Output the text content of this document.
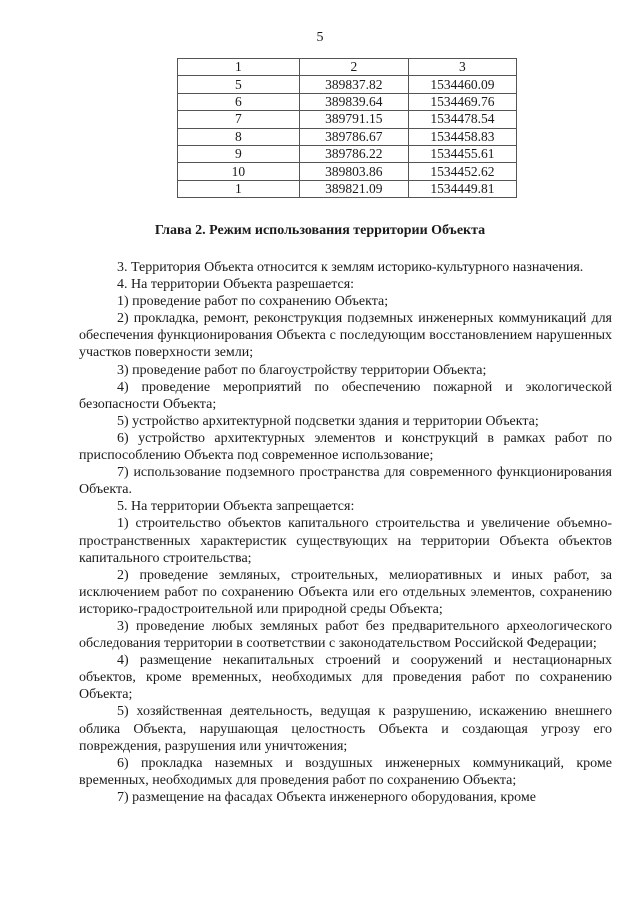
5
1	2	3
5	389837.82	1534460.09
6	389839.64	1534469.76
7	389791.15	1534478.54
8	389786.67	1534458.83
9	389786.22	1534455.61
10	389803.86	1534452.62
1	389821.09	1534449.81
Глава 2. Режим использования территории Объекта

3. Территория Объекта относится к землям историко-культурного назначения.

4. На территории Объекта разрешается:

1) проведение работ по сохранению Объекта;

2) прокладка, ремонт, реконструкция подземных инженерных коммуникаций для обеспечения функционирования Объекта с последующим восстановлением нарушенных участков поверхности земли;

3) проведение работ по благоустройству территории Объекта;

4) проведение мероприятий по обеспечению пожарной и экологической безопасности Объекта;

5) устройство архитектурной подсветки здания и территории Объекта;

6) устройство архитектурных элементов и конструкций в рамках работ по приспособлению Объекта под современное использование;

7) использование подземного пространства для современного функционирования Объекта.

5. На территории Объекта запрещается:

1) строительство объектов капитального строительства и увеличение объемно-пространственных характеристик существующих на территории Объекта объектов капитального строительства;

2) проведение земляных, строительных, мелиоративных и иных работ, за исключением работ по сохранению Объекта или его отдельных элементов, сохранению историко-градостроительной или природной среды Объекта;

3) проведение любых земляных работ без предварительного археологического обследования территории в соответствии с законодательством Российской Федерации;

4) размещение некапитальных строений и сооружений и нестационарных объектов, кроме временных, необходимых для проведения работ по сохранению Объекта;

5) хозяйственная деятельность, ведущая к разрушению, искажению внешнего облика Объекта, нарушающая целостность Объекта и создающая угрозу его повреждения, разрушения или уничтожения;

6) прокладка наземных и воздушных инженерных коммуникаций, кроме временных, необходимых для проведения работ по сохранению Объекта;

7) размещение на фасадах Объекта инженерного оборудования, кроме
